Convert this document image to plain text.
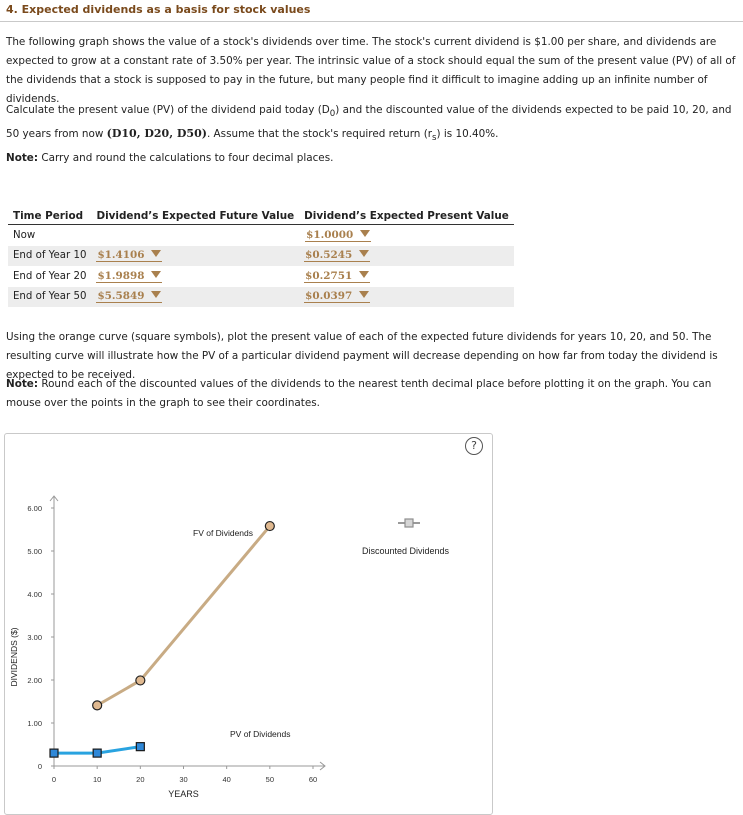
4. Expected dividends as a basis for stock values

The following graph shows the value of a stock's dividends over time. The stock's current dividend is $1.00 per share, and dividends are expected to grow at a constant rate of 3.50% per year. The intrinsic value of a stock should equal the sum of the present value (PV) of all of the dividends that a stock is supposed to pay in the future, but many people find it difficult to imagine adding up an infinite number of dividends.

Calculate the present value (PV) of the dividend paid today $(D_0)$ and the discounted value of the dividends expected to be paid 10, 20, and 50 years from now (D10, D20, D50). Assume that the stock's required return $(r_s)$ is 10.40%.

Note: Carry and round the calculations to four decimal places.

Time Period	Dividend’s Expected Future Value	Dividend’s Expected Present Value
Now		$1.0000
End of Year 10	$1.4106	$0.5245
End of Year 20	$1.9898	$0.2751
End of Year 50	$5.5849	$0.0397

Using the orange curve (square symbols), plot the present value of each of the expected future dividends for years 10, 20, and 50. The resulting curve will illustrate how the PV of a particular dividend payment will decrease depending on how far from today the dividend is expected to be received.

Note: Round each of the discounted values of the dividends to the nearest tenth decimal place before plotting it on the graph. You can mouse over the points in the graph to see their coordinates.

?
0
1.00
2.00
3.00
4.00
5.00
6.00
0	10	20	30	40	50	60
YEARS
DIVIDENDS ($)
FV of Dividends
PV of Dividends
Discounted Dividends
